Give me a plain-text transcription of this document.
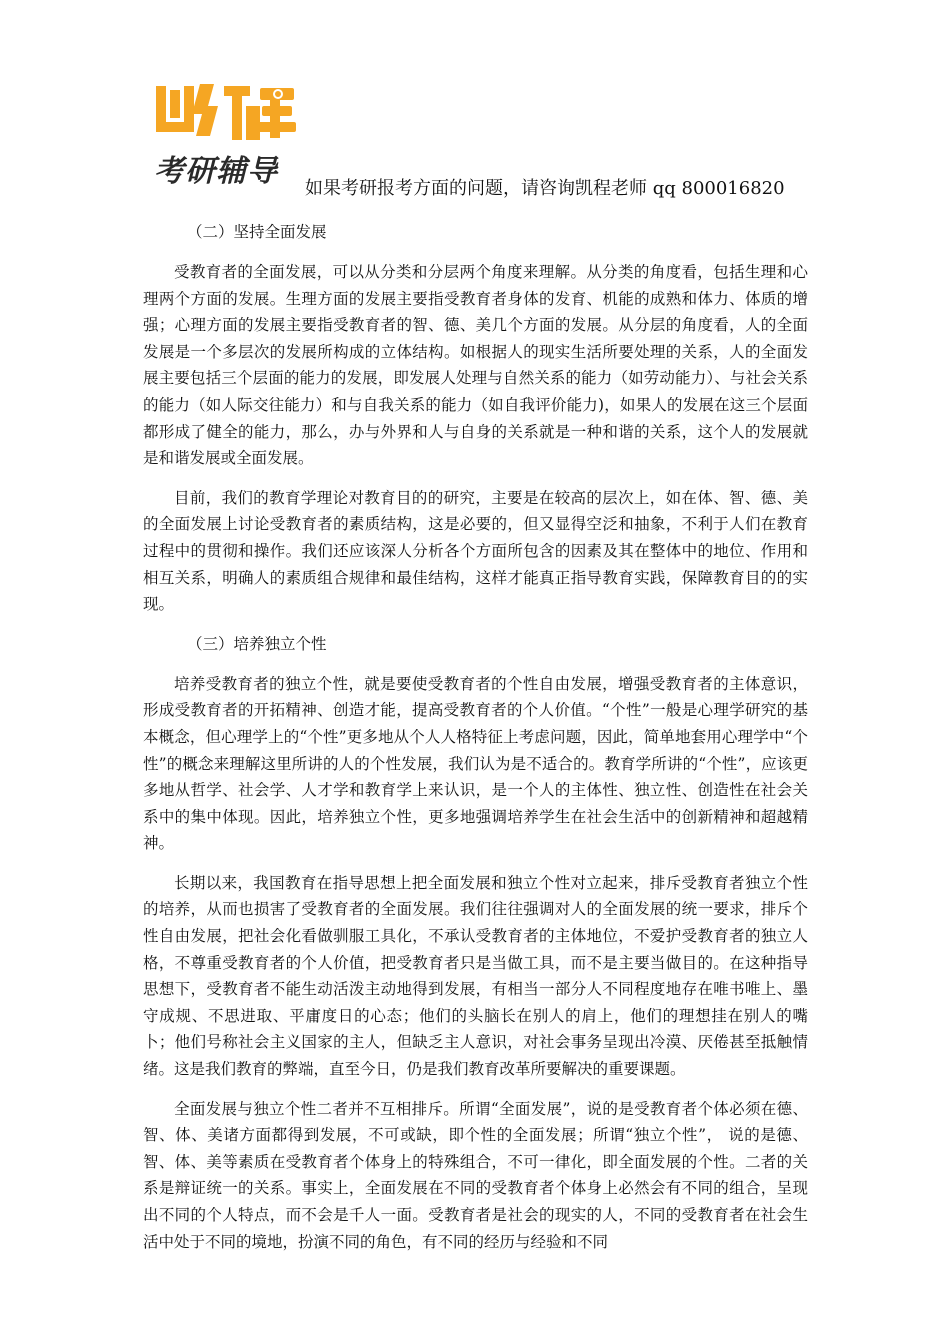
考研辅导	如果考研报考方面的问题，请咨询凯程老师 qq 800016820
（二）坚持全面发展

受教育者的全面发展，可以从分类和分层两个角度来理解。从分类的角度看，包括生理和心理两个方面的发展。生理方面的发展主要指受教育者身体的发育、机能的成熟和体力、体质的增强；心理方面的发展主要指受教育者的智、德、美几个方面的发展。从分层的角度看，人的全面发展是一个多层次的发展所构成的立体结构。如根据人的现实生活所要处理的关系，人的全面发展主要包括三个层面的能力的发展，即发展人处理与自然关系的能力（如劳动能力）、与社会关系的能力（如人际交往能力）和与自我关系的能力（如自我评价能力)，如果人的发展在这三个层面都形成了健全的能力，那么，办与外界和人与自身的关系就是一种和谐的关系，这个人的发展就是和谐发展或全面发展。

目前，我们的教育学理论对教育目的的研究，主要是在较高的层次上，如在体、智、德、美的全面发展上讨论受教育者的素质结构，这是必要的，但又显得空泛和抽象，不利于人们在教育过程中的贯彻和操作。我们还应该深人分析各个方面所包含的因素及其在整体中的地位、作用和相互关系，明确人的素质组合规律和最佳结构，这样才能真正指导教育实践，保障教育目的的实现。

（三）培养独立个性

培养受教育者的独立个性，就是要使受教育者的个性自由发展，增强受教育者的主体意识，形成受教育者的开拓精神、创造才能，提高受教育者的个人价值。“个性”一般是心理学研究的基本概念，但心理学上的“个性”更多地从个人人格特征上考虑问题，因此，简单地套用心理学中“个性”的概念来理解这里所讲的人的个性发展，我们认为是不适合的。教育学所讲的“个性”，应该更多地从哲学、社会学、人才学和教育学上来认识，是一个人的主体性、独立性、创造性在社会关系中的集中体现。因此，培养独立个性，更多地强调培养学生在社会生活中的创新精神和超越精神。

长期以来，我国教育在指导思想上把全面发展和独立个性对立起来，排斥受教育者独立个性的培养，从而也损害了受教育者的全面发展。我们往往强调对人的全面发展的统一要求，排斥个性自由发展，把社会化看做驯服工具化，不承认受教育者的主体地位，不爱护受教育者的独立人格，不尊重受教育者的个人价值，把受教育者只是当做工具，而不是主要当做目的。在这种指导思想下，受教育者不能生动活泼主动地得到发展，有相当一部分人不同程度地存在唯书唯上、墨守成规、不思进取、平庸度日的心态；他们的头脑长在别人的肩上，他们的理想挂在别人的嘴卜；他们号称社会主义国家的主人，但缺乏主人意识，对社会事务呈现出冷漠、厌倦甚至抵触情绪。这是我们教育的弊端，直至今日，仍是我们教育改革所要解决的重要课题。

全面发展与独立个性二者并不互相排斥。所谓“全面发展”，说的是受教育者个体必须在德、智、体、美诸方面都得到发展，不可或缺，即个性的全面发展；所谓“独立个性”， 说的是德、智、体、美等素质在受教育者个体身上的特殊组合，不可一律化，即全面发展的个性。二者的关系是辩证统一的关系。事实上，全面发展在不同的受教育者个体身上必然会有不同的组合，呈现出不同的个人特点，而不会是千人一面。受教育者是社会的现实的人，不同的受教育者在社会生活中处于不同的境地，扮演不同的角色，有不同的经历与经验和不同
